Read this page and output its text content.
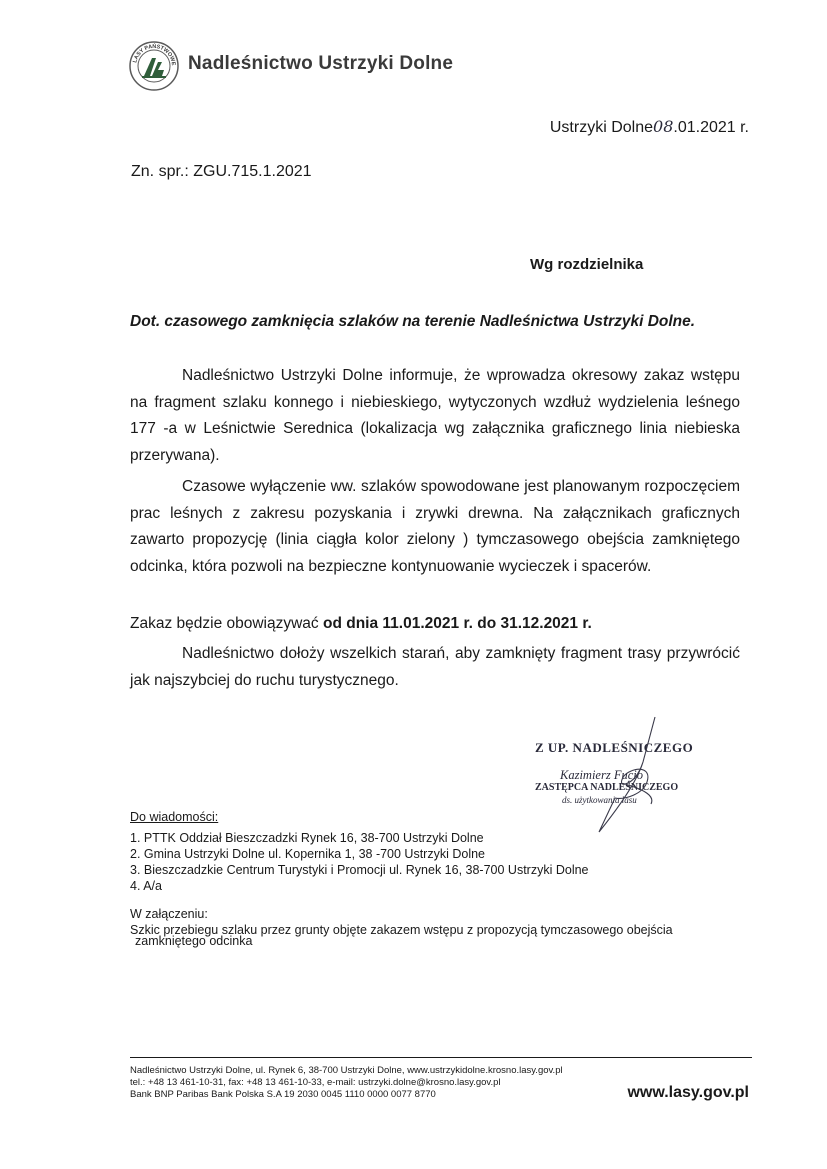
LASY PAŃSTWOWE Nadleśnictwo Ustrzyki Dolne
Ustrzyki Dolne08.01.2021 r.
Zn. spr.: ZGU.715.1.2021
Wg rozdzielnika
Dot. czasowego zamknięcia szlaków na terenie Nadleśnictwa Ustrzyki Dolne.
Nadleśnictwo Ustrzyki Dolne informuje, że wprowadza okresowy zakaz wstępu na fragment szlaku konnego i niebieskiego, wytyczonych wzdłuż wydzielenia leśnego 177 -a w Leśnictwie Serednica (lokalizacja wg załącznika graficznego linia niebieska przerywana).
Czasowe wyłączenie ww. szlaków spowodowane jest planowanym rozpoczęciem prac leśnych z zakresu pozyskania i zrywki drewna. Na załącznikach graficznych zawarto propozycję (linia ciągła kolor zielony ) tymczasowego obejścia zamkniętego odcinka, która pozwoli na bezpieczne kontynuowanie wycieczek i spacerów.
Zakaz będzie obowiązywać od dnia 11.01.2021 r. do 31.12.2021 r.
Nadleśnictwo dołoży wszelkich starań, aby zamknięty fragment trasy przywrócić jak najszybciej do ruchu turystycznego.
Z UP. NADLEŚNICZEGO
Kazimierz Fucio
ZASTĘPCA NADLEŚNICZEGO
ds. użytkowania lasu
Do wiadomości:
1. PTTK Oddział Bieszczadzki Rynek 16, 38-700 Ustrzyki Dolne
2. Gmina Ustrzyki Dolne ul. Kopernika 1, 38 -700 Ustrzyki Dolne
3. Bieszczadzkie Centrum Turystyki i Promocji ul. Rynek 16, 38-700 Ustrzyki Dolne
4. A/a
W załączeniu:
Szkic przebiegu szlaku przez grunty objęte zakazem wstępu z propozycją tymczasowego obejścia
zamkniętego odcinka
Nadleśnictwo Ustrzyki Dolne, ul. Rynek 6, 38-700 Ustrzyki Dolne, www.ustrzykidolne.krosno.lasy.gov.pl
tel.: +48 13 461-10-31, fax: +48 13 461-10-33, e-mail: ustrzyki.dolne@krosno.lasy.gov.pl
Bank BNP Paribas Bank Polska S.A 19 2030 0045 1110 0000 0077 8770	www.lasy.gov.pl
